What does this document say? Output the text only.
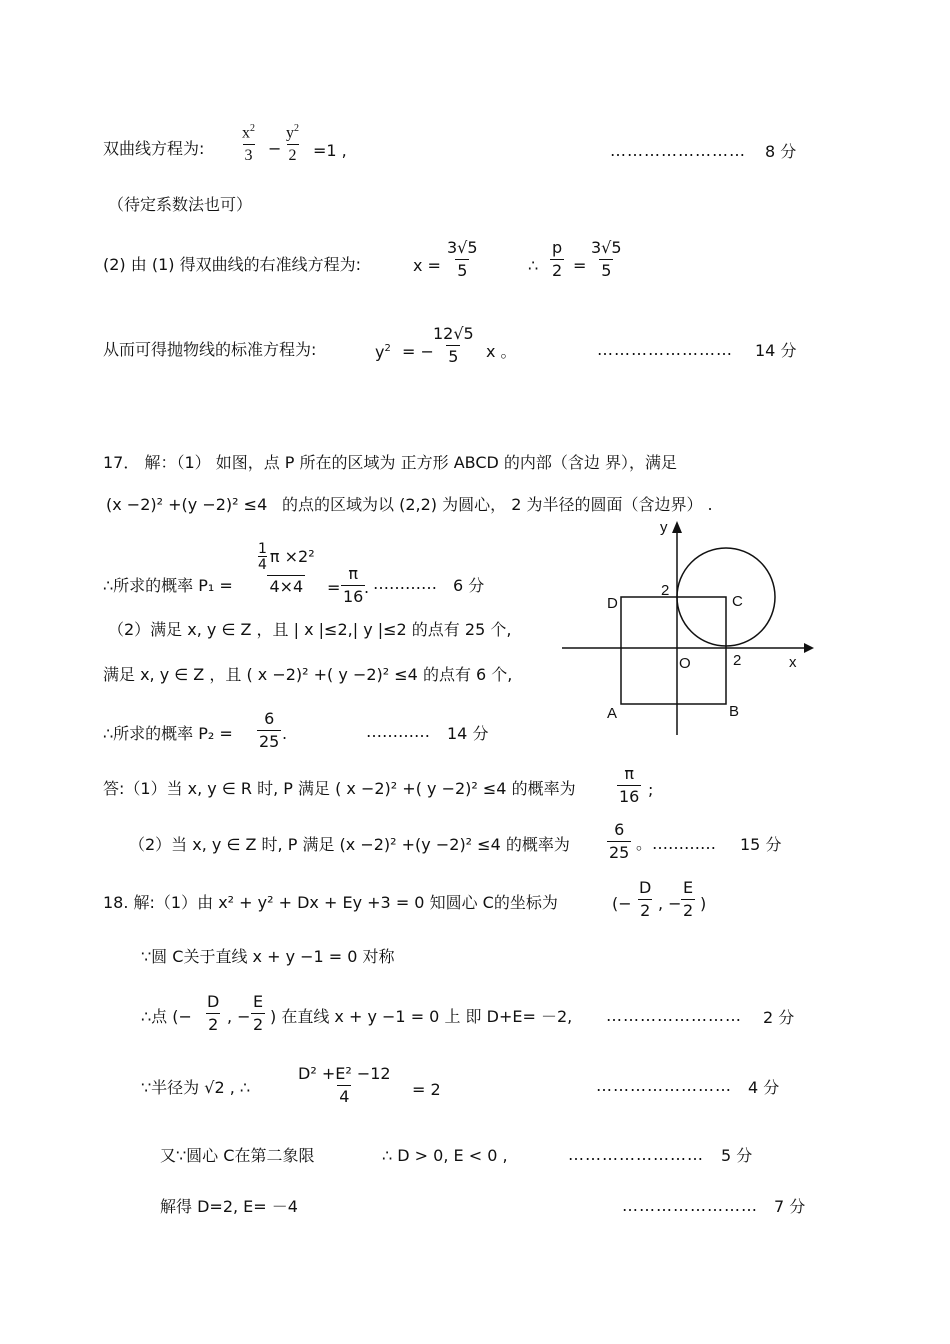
双曲线方程为: $\frac{x^2}{3} - \frac{y^2}{2} =1$ ,	…………………… 8 分
（待定系数法也可）
(2) 由 (1) 得双曲线的右准线方程为:	$x = \frac{3√5}{5}$	∴ $\frac{p}{2} = \frac{3√5}{5}$
从而可得抛物线的标准方程为:	$y^2$ = −
$\frac{12√5}{5}$ x 。	…………………… 14 分
17． 解：（1） 如图，点 P 所在的区域为 正方形 ABCD 的内部（含边 界），满足
(x −2)² +(y −2)² ≤4 的点的区域为以 (2,2) 为圆心， 2 为半径的圆面（含边界） .
∴所求的概率 P₁ = 1
4 π ×2²
$4\times 4 = \frac{\pi}{16}$
. ………… 6 分
（2）满足 x, y ∈ Z ，且 | x |≤2,| y |≤2 的点有 25 个,
满足 x, y ∈ Z ，且 ( x −2)² +( y −2)² ≤4 的点有 6 个,
∴所求的概率 $P_2 = \frac{6}{25}$ .	………… 14 分
答:（1）当 x, y ∈ R 时, P 满足 ( x −2)² +( y −2)² ≤4 的概率为	$\frac{\pi}{16}$ ;
（2）当 x, y ∈ Z 时, P 满足 (x −2)² +(y −2)² ≤4 的概率为 $\frac{6}{25}$ 。………… 15 分
y
x
O
2
2
A	B
C
D
18. 解:（1）由 x² + y² + Dx + Ey +3 = 0 知圆心 C的坐标为	(− $\frac{D}{2}$ , − $\frac{E}{2}$ )
∵圆 C关于直线 x + y −1 = 0 对称
∴点 (− $\frac{D}{2}$ , − $\frac{E}{2}$ ) 在直线 x + y −1 = 0 上 即 D+E= －2, …………………… 2 分
∵半径为 √2 , ∴	$\frac{\text{D² +E² −12}}{4} = 2$	…………………… 4 分
又∵圆心 C在第二象限	∴ D > 0, E < 0 ,	…………………… 5 分
解得 D=2, E= －4	…………………… 7 分
